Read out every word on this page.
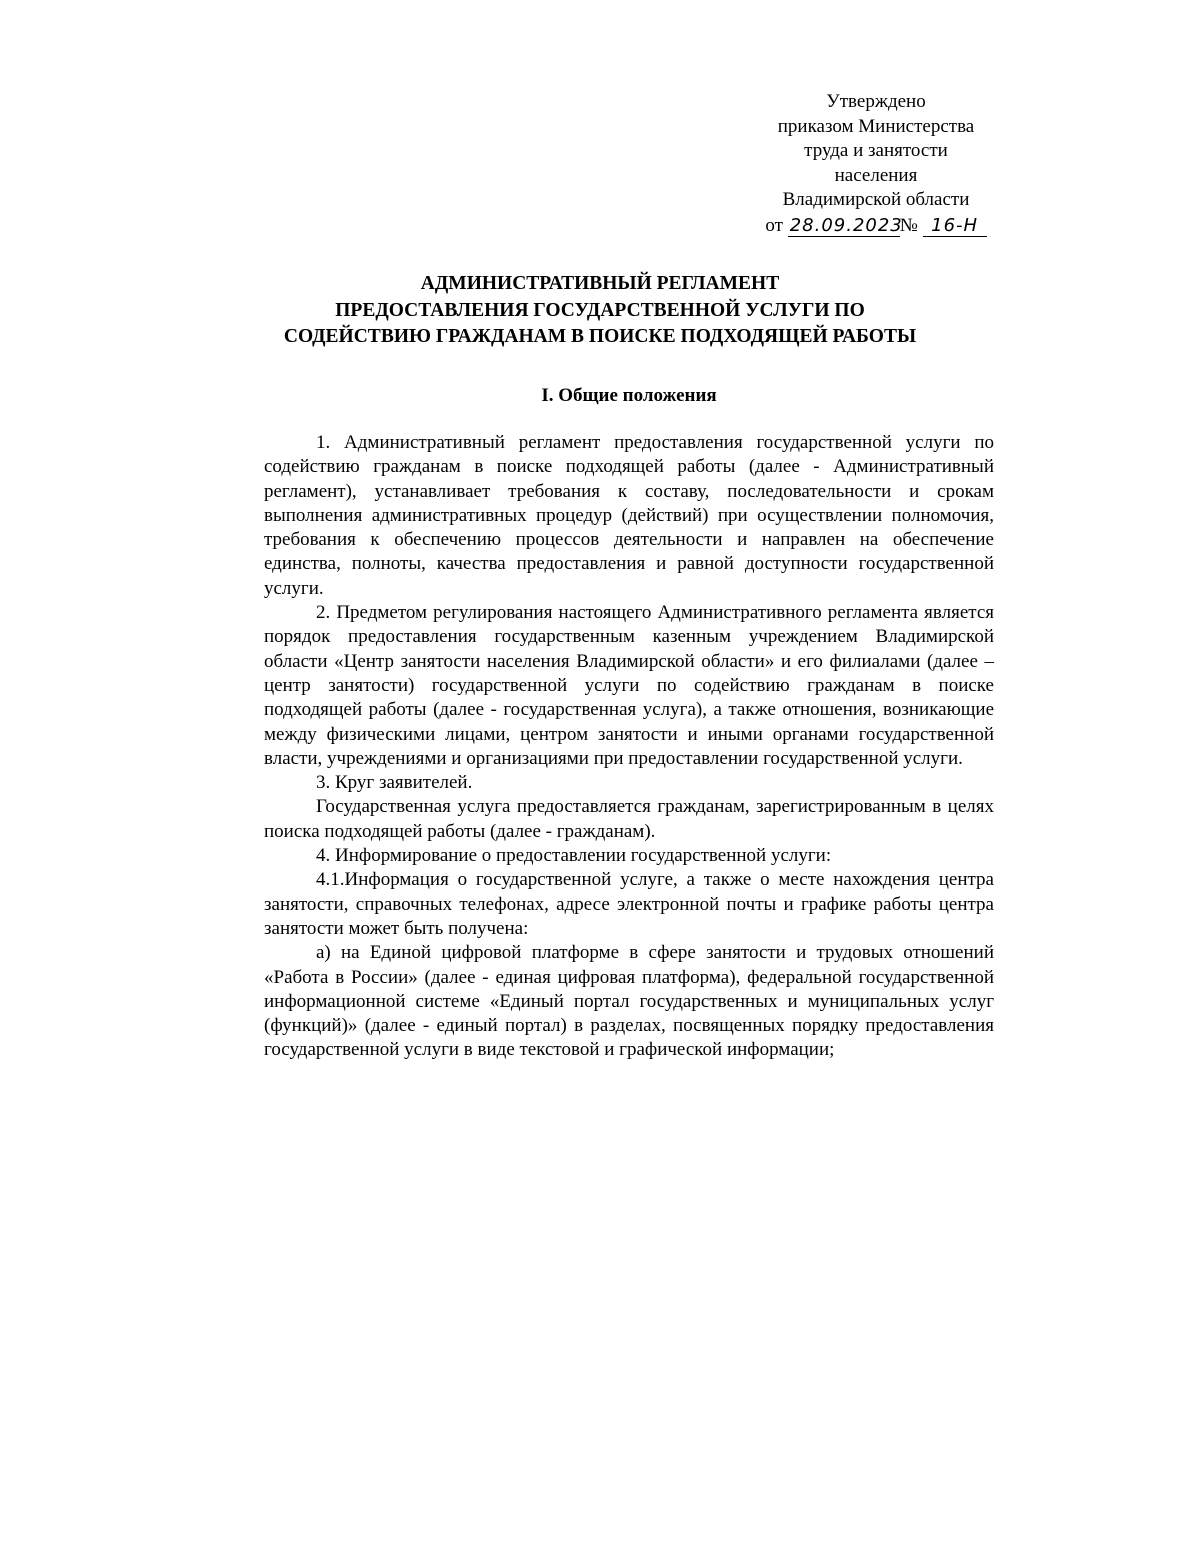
Утверждено
приказом Министерства
труда и занятости
населения
Владимирской области
от 28.09.2023№ 16-Н
АДМИНИСТРАТИВНЫЙ РЕГЛАМЕНТ
ПРЕДОСТАВЛЕНИЯ ГОСУДАРСТВЕННОЙ УСЛУГИ ПО
СОДЕЙСТВИЮ ГРАЖДАНАМ В ПОИСКЕ ПОДХОДЯЩЕЙ РАБОТЫ
I. Общие положения

1. Административный регламент предоставления государственной услуги по содействию гражданам в поиске подходящей работы (далее - Административный регламент), устанавливает требования к составу, последовательности и срокам выполнения административных процедур (действий) при осуществлении полномочия, требования к обеспечению процессов деятельности и направлен на обеспечение единства, полноты, качества предоставления и равной доступности государственной услуги.

2. Предметом регулирования настоящего Административного регламента является порядок предоставления государственным казенным учреждением Владимирской области «Центр занятости населения Владимирской области» и его филиалами (далее – центр занятости) государственной услуги по содействию гражданам в поиске подходящей работы (далее - государственная услуга), а также отношения, возникающие между физическими лицами, центром занятости и иными органами государственной власти, учреждениями и организациями при предоставлении государственной услуги.

3. Круг заявителей.

Государственная услуга предоставляется гражданам, зарегистрированным в целях поиска подходящей работы (далее - гражданам).

4. Информирование о предоставлении государственной услуги:

4.1.Информация о государственной услуге, а также о месте нахождения центра занятости, справочных телефонах, адресе электронной почты и графике работы центра занятости может быть получена:

а) на Единой цифровой платформе в сфере занятости и трудовых отношений «Работа в России» (далее - единая цифровая платформа), федеральной государственной информационной системе «Единый портал государственных и муниципальных услуг (функций)» (далее - единый портал) в разделах, посвященных порядку предоставления государственной услуги в виде текстовой и графической информации;
